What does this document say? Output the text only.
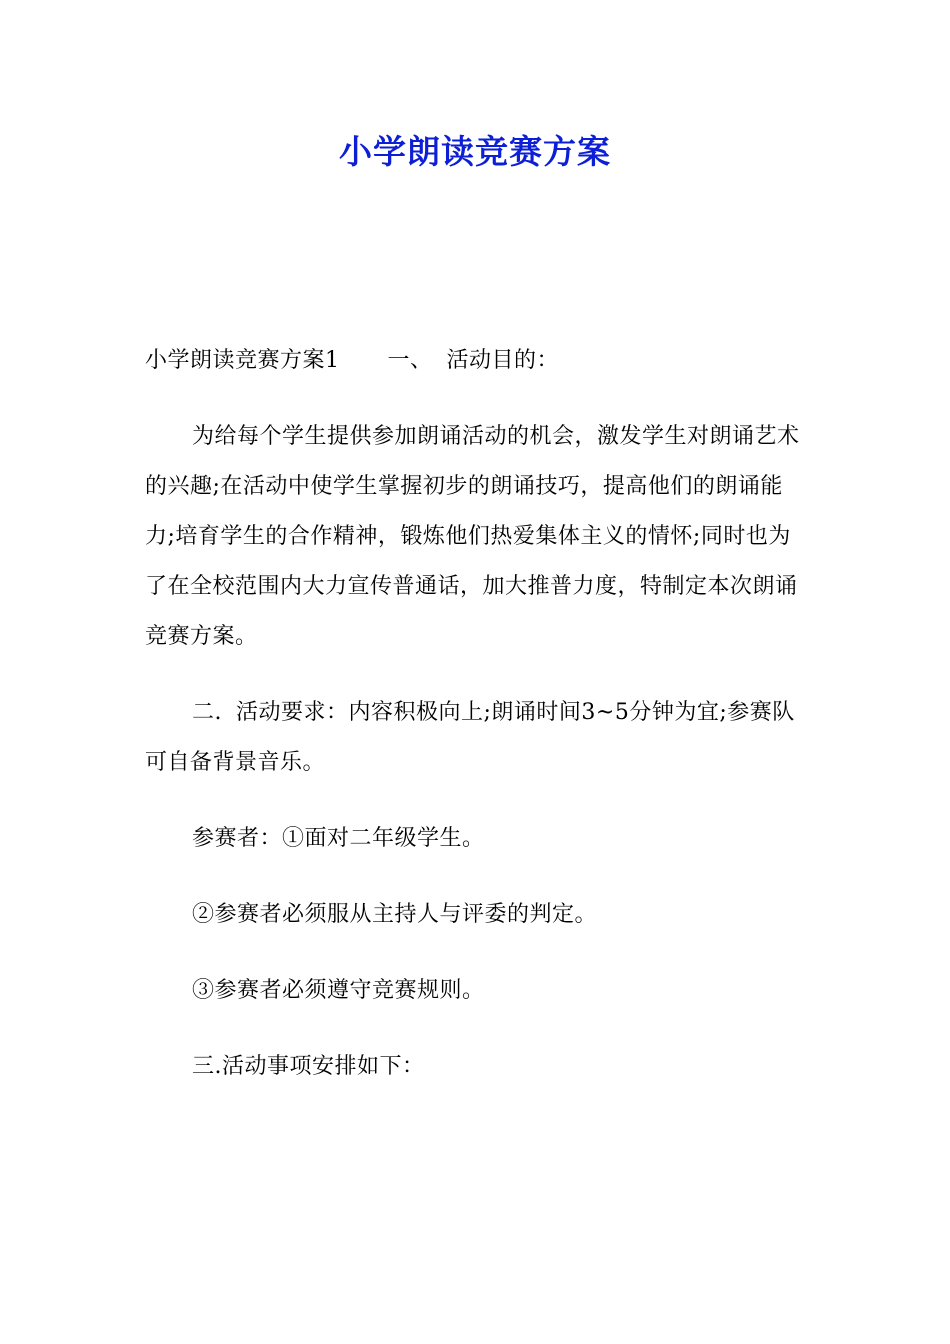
小学朗读竞赛方案

小学朗读竞赛方案1 一、 活动目的：

为给每个学生提供参加朗诵活动的机会，激发学生对朗诵艺术的兴趣;在活动中使学生掌握初步的朗诵技巧，提高他们的朗诵能力;培育学生的合作精神，锻炼他们热爱集体主义的情怀;同时也为了在全校范围内大力宣传普通话，加大推普力度，特制定本次朗诵竞赛方案。

二. 活动要求：内容积极向上;朗诵时间3~5分钟为宜;参赛队可自备背景音乐。

参赛者：①面对二年级学生。

②参赛者必须服从主持人与评委的判定。

③参赛者必须遵守竞赛规则。

三.活动事项安排如下：
